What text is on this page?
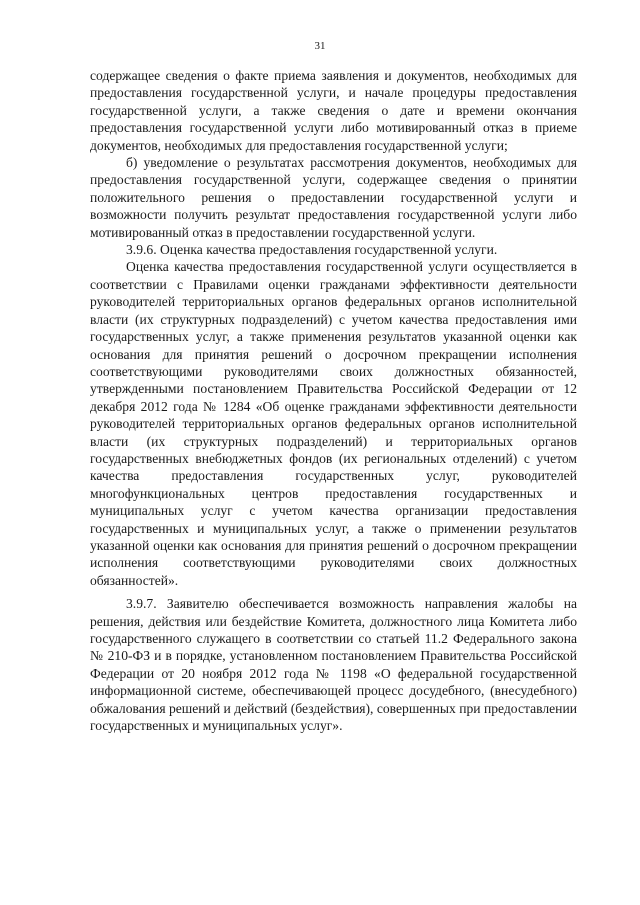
31

содержащее сведения о факте приема заявления и документов, необходимых для предоставления государственной услуги, и начале процедуры предоставления государственной услуги, а также сведения о дате и времени окончания предоставления государственной услуги либо мотивированный отказ в приеме документов, необходимых для предоставления государственной услуги;

б) уведомление о результатах рассмотрения документов, необходимых для предоставления государственной услуги, содержащее сведения о принятии положительного решения о предоставлении государственной услуги и возможности получить результат предоставления государственной услуги либо мотивированный отказ в предоставлении государственной услуги.

3.9.6. Оценка качества предоставления государственной услуги.

Оценка качества предоставления государственной услуги осуществляется в соответствии с Правилами оценки гражданами эффективности деятельности руководителей территориальных органов федеральных органов исполнительной власти (их структурных подразделений) с учетом качества предоставления ими государственных услуг, а также применения результатов указанной оценки как основания для принятия решений о досрочном прекращении исполнения соответствующими руководителями своих должностных обязанностей, утвержденными постановлением Правительства Российской Федерации от 12 декабря 2012 года № 1284 «Об оценке гражданами эффективности деятельности руководителей территориальных органов федеральных органов исполнительной власти (их структурных подразделений) и территориальных органов государственных внебюджетных фондов (их региональных отделений) с учетом качества предоставления государственных услуг, руководителей многофункциональных центров предоставления государственных и муниципальных услуг с учетом качества организации предоставления государственных и муниципальных услуг, а также о применении результатов указанной оценки как основания для принятия решений о досрочном прекращении исполнения соответствующими руководителями своих должностных обязанностей».

3.9.7. Заявителю обеспечивается возможность направления жалобы на решения, действия или бездействие Комитета, должностного лица Комитета либо государственного служащего в соответствии со статьей 11.2 Федерального закона № 210-ФЗ и в порядке, установленном постановлением Правительства Российской Федерации от 20 ноября 2012 года № 1198 «О федеральной государственной информационной системе, обеспечивающей процесс досудебного, (внесудебного) обжалования решений и действий (бездействия), совершенных при предоставлении государственных и муниципальных услуг».
